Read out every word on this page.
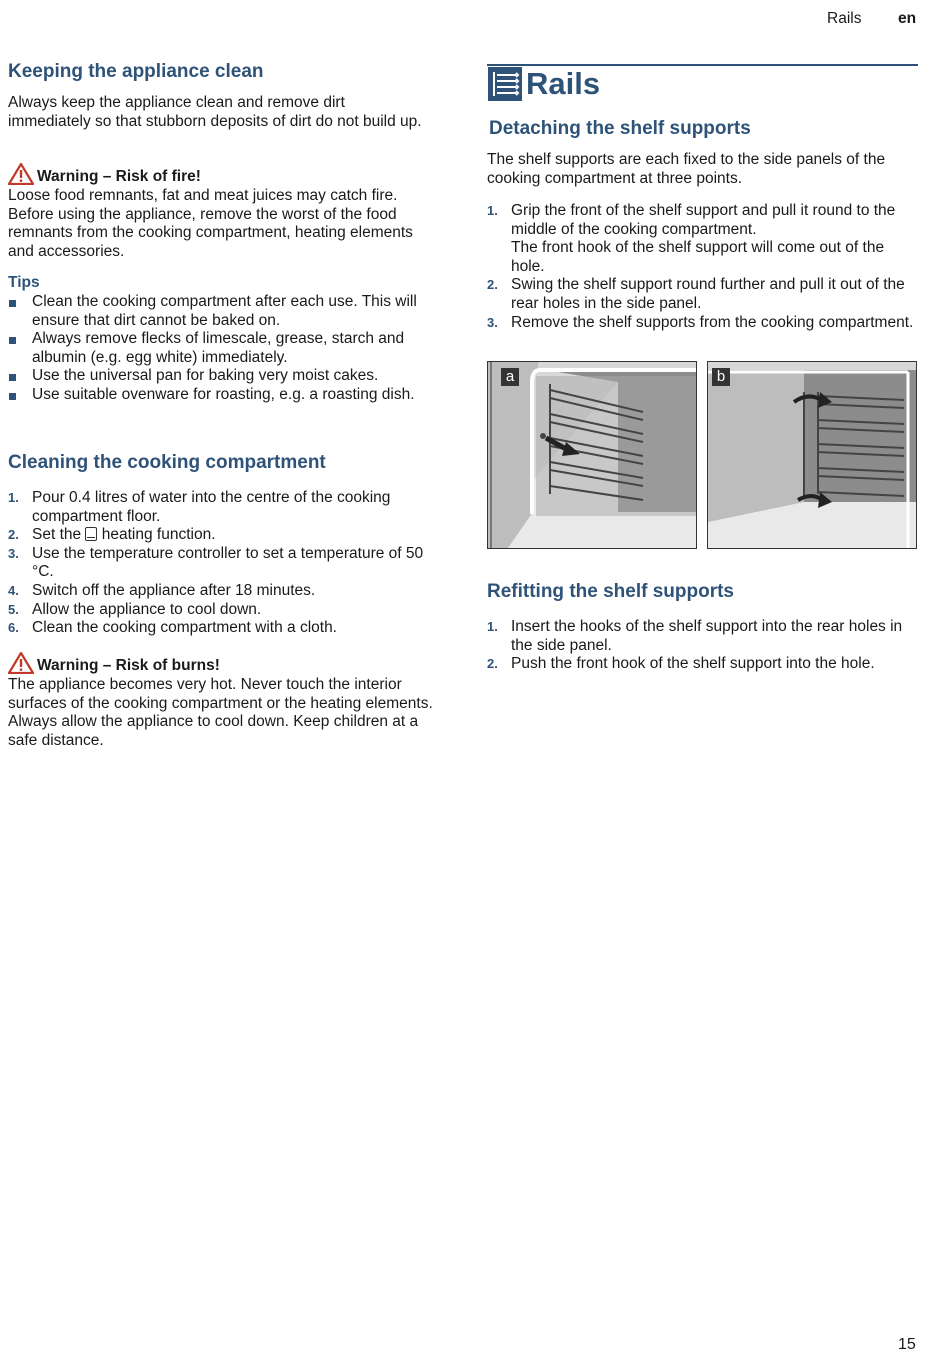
Rails en
Keeping the appliance clean

Always keep the appliance clean and remove dirt immediately so that stubborn deposits of dirt do not build up.

Warning – Risk of fire!

Loose food remnants, fat and meat juices may catch fire. Before using the appliance, remove the worst of the food remnants from the cooking compartment, heating elements and accessories.

Tips
Clean the cooking compartment after each use. This will ensure that dirt cannot be baked on.
Always remove flecks of limescale, grease, starch and albumin (e.g. egg white) immediately.
Use the universal pan for baking very moist cakes.
Use suitable ovenware for roasting, e.g. a roasting dish.
Cleaning the cooking compartment
1. Pour 0.4 litres of water into the centre of the cooking compartment floor.
2. Set the heating function.
3. Use the temperature controller to set a temperature of 50 °C.
4. Switch off the appliance after 18 minutes.
5. Allow the appliance to cool down.
6. Clean the cooking compartment with a cloth.
Warning – Risk of burns!

The appliance becomes very hot. Never touch the interior surfaces of the cooking compartment or the heating elements. Always allow the appliance to cool down. Keep children at a safe distance.

Rails
Detaching the shelf supports

The shelf supports are each fixed to the side panels of the cooking compartment at three points.

1. Grip the front of the shelf support and pull it round to the middle of the cooking compartment.
The front hook of the shelf support will come out of the hole.
2. Swing the shelf support round further and pull it out of the rear holes in the side panel.
3. Remove the shelf supports from the cooking compartment.
Refitting the shelf supports
1. Insert the hooks of the shelf support into the rear holes in the side panel.
2. Push the front hook of the shelf support into the hole.
a	b
15
